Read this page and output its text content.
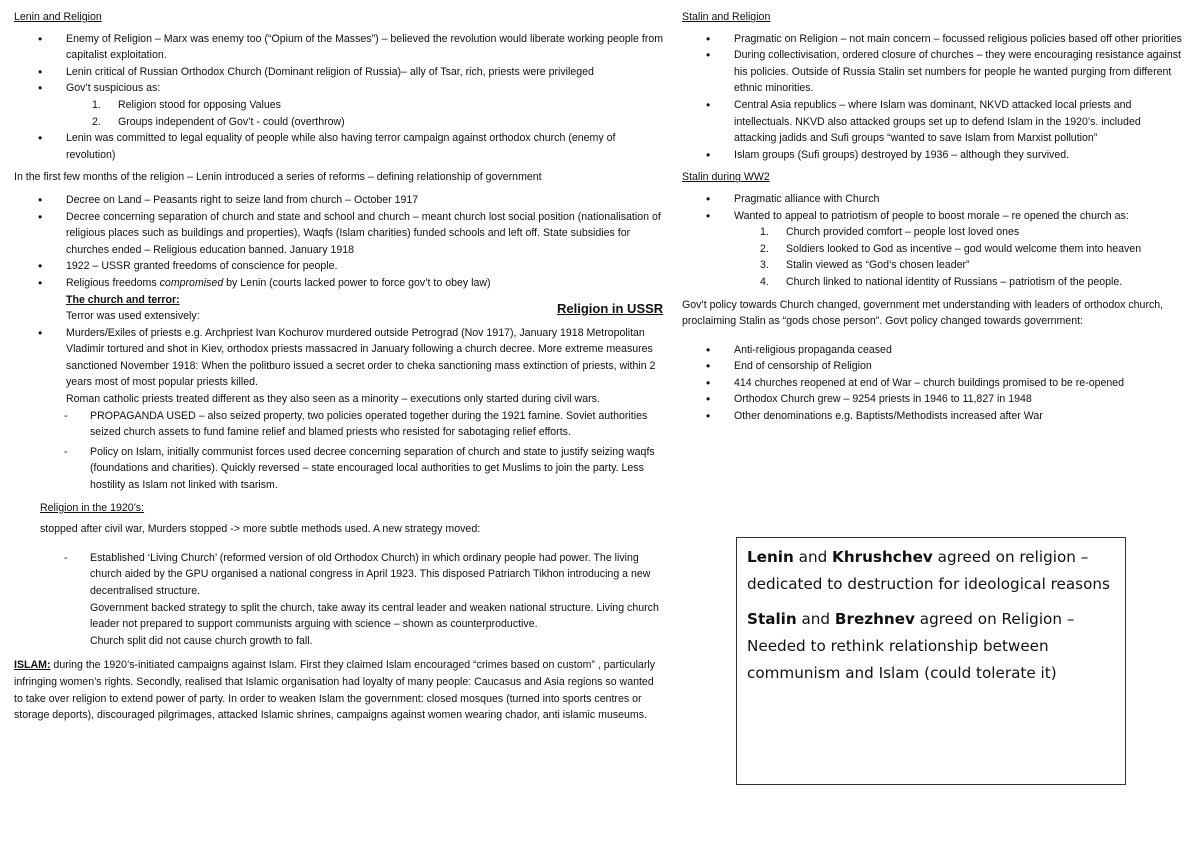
Lenin and Religion
• Enemy of Religion – Marx was enemy too (“Opium of the Masses”) – believed the revolution would liberate working people from capitalist exploitation.
• Lenin critical of Russian Orthodox Church (Dominant religion of Russia)– ally of Tsar, rich, priests were privileged
• Gov’t suspicious as:
1. Religion stood for opposing Values
2. Groups independent of Gov’t - could (overthrow)
• Lenin was committed to legal equality of people while also having terror campaign against orthodox church (enemy of revolution)
In the first few months of the religion – Lenin introduced a series of reforms – defining relationship of government
• Decree on Land – Peasants right to seize land from church – October 1917
• Decree concerning separation of church and state and school and church – meant church lost social position (nationalisation of religious places such as buildings and properties), Waqfs (Islam charities) funded schools and left off. State subsidies for churches ended – Religious education banned. January 1918
• 1922 – USSR granted freedoms of conscience for people.
• Religious freedoms compromised by Lenin (courts lacked power to force gov’t to obey law)
The church and terror:
Terror was used extensively:
• Murders/Exiles of priests e.g. Archpriest Ivan Kochurov murdered outside Petrograd (Nov 1917), January 1918 Metropolitan Vladimir tortured and shot in Kiev, orthodox priests massacred in January following a church decree. More extreme measures sanctioned November 1918: When the politburo issued a secret order to cheka sanctioning mass extinction of priests, within 2 years most of most popular priests killed.
Roman catholic priests treated different as they also seen as a minority – executions only started during civil wars.
- PROPAGANDA USED – also seized property, two policies operated together during the 1921 famine. Soviet authorities seized church assets to fund famine relief and blamed priests who resisted for sabotaging relief efforts.
- Policy on Islam, initially communist forces used decree concerning separation of church and state to justify seizing waqfs (foundations and charities). Quickly reversed – state encouraged local authorities to get Muslims to join the party. Less hostility as Islam not linked with tsarism.
Religion in the 1920’s:
stopped after civil war, Murders stopped -> more subtle methods used. A new strategy moved:
- Established ‘Living Church’ (reformed version of old Orthodox Church) in which ordinary people had power. The living church aided by the GPU organised a national congress in April 1923. This disposed Patriarch Tikhon introducing a new decentralised structure.
Government backed strategy to split the church, take away its central leader and weaken national structure. Living church leader not prepared to support communists arguing with science – shown as counterproductive.
Church split did not cause church growth to fall.
ISLAM: during the 1920’s-initiated campaigns against Islam. First they claimed Islam encouraged “crimes based on custom” , particularly infringing women’s rights. Secondly, realised that Islamic organisation had loyalty of many people: Caucasus and Asia regions so wanted to take over religion to extend power of party. In order to weaken Islam the government: closed mosques (turned into sports centres or storage deports), discouraged pilgrimages, attacked Islamic shrines, campaigns against women wearing chador, anti islamic museums.
Religion in USSR
Stalin and Religion
• Pragmatic on Religion – not main concern – focussed religious policies based off other priorities
• During collectivisation, ordered closure of churches – they were encouraging resistance against his policies. Outside of Russia Stalin set numbers for people he wanted purging from different ethnic minorities.
• Central Asia republics – where Islam was dominant, NKVD attacked local priests and intellectuals. NKVD also attacked groups set up to defend Islam in the 1920’s. included attacking jadids and Sufi groups “wanted to save Islam from Marxist pollution”
• Islam groups (Sufi groups) destroyed by 1936 – although they survived.
Stalin during WW2
• Pragmatic alliance with Church
• Wanted to appeal to patriotism of people to boost morale – re opened the church as:
1. Church provided comfort – people lost loved ones
2. Soldiers looked to God as incentive – god would welcome them into heaven
3. Stalin viewed as “God’s chosen leader”
4. Church linked to national identity of Russians – patriotism of the people.
Gov’t policy towards Church changed, government met understanding with leaders of orthodox church, proclaiming Stalin as “gods chose person”. Govt policy changed towards government:
• Anti-religious propaganda ceased
• End of censorship of Religion
• 414 churches reopened at end of War – church buildings promised to be re-opened
• Orthodox Church grew – 9254 priests in 1946 to 11,827 in 1948
• Other denominations e.g. Baptists/Methodists increased after War

Lenin and Khrushchev agreed on religion – dedicated to destruction for ideological reasons

Stalin and Brezhnev agreed on Religion – Needed to rethink relationship between communism and Islam (could tolerate it)
